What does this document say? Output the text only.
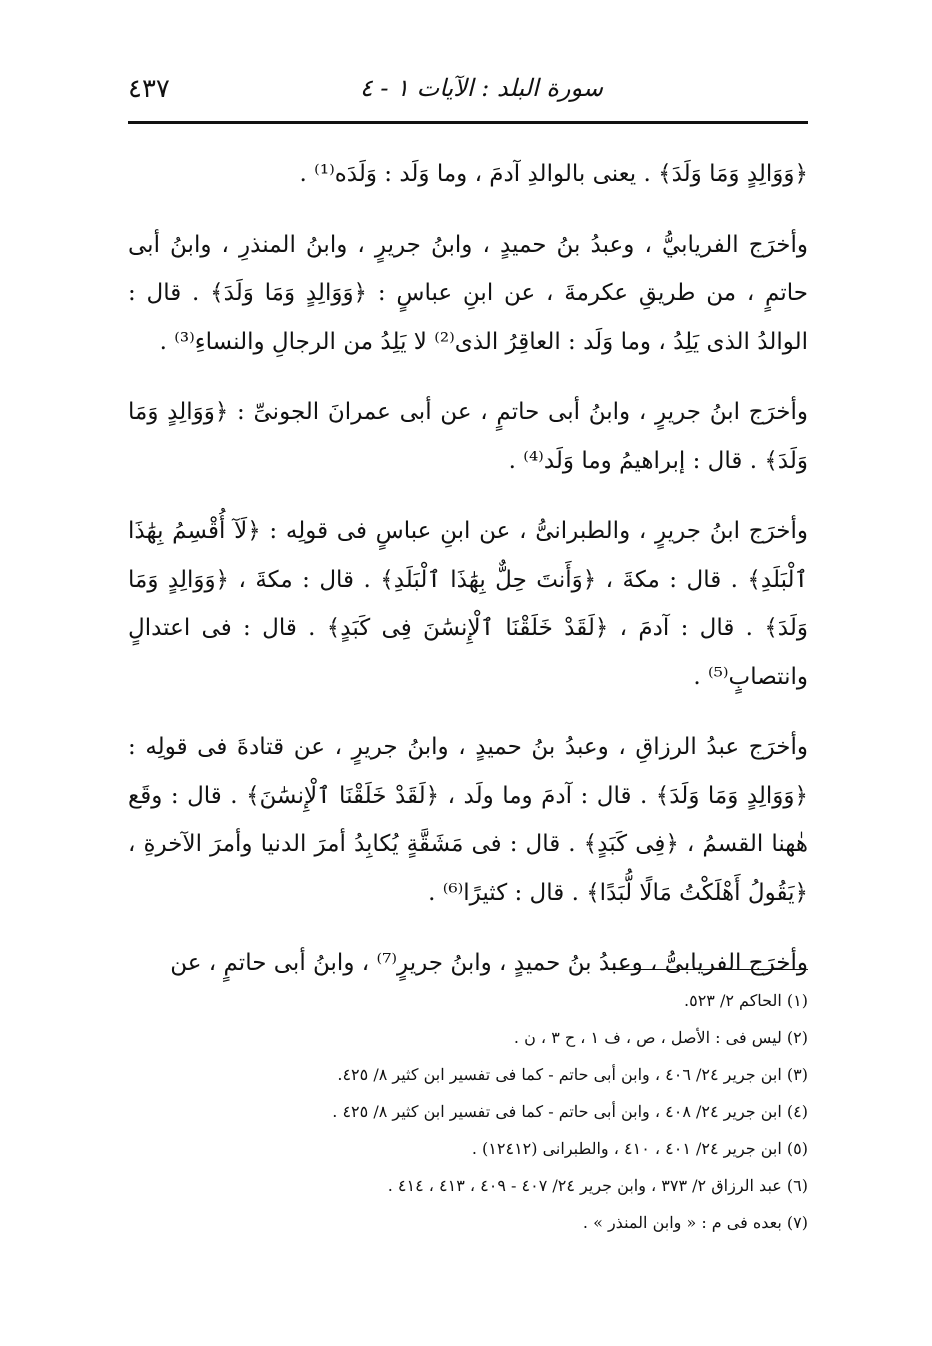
سورة البلد : الآيات ١ - ٤
٤٣٧

﴿وَوَالِدٍ وَمَا وَلَدَ﴾ . يعنى بالوالدِ آدمَ ، وما وَلَد : وَلَدَه⁽¹⁾ .

وأخرَج الفريابيُّ ، وعبدُ بنُ حميدٍ ، وابنُ جريرٍ ، وابنُ المنذرِ ، وابنُ أبى حاتمٍ ، من طريقِ عكرمةَ ، عن ابنِ عباسٍ : ﴿وَوَالِدٍ وَمَا وَلَدَ﴾ . قال : الوالدُ الذى يَلِدُ ، وما وَلَد : العاقِرُ الذى⁽²⁾ لا يَلِدُ من الرجالِ والنساءِ⁽³⁾ .

وأخرَج ابنُ جريرٍ ، وابنُ أبى حاتمٍ ، عن أبى عمرانَ الجونىِّ : ﴿وَوَالِدٍ وَمَا وَلَدَ﴾ . قال : إبراهيمُ وما وَلَد⁽⁴⁾ .

وأخرَج ابنُ جريرٍ ، والطبرانىُّ ، عن ابنِ عباسٍ فى قولِه : ﴿لَآ أُقْسِمُ بِهَٰذَا ٱلْبَلَدِ﴾ . قال : مكةَ ، ﴿وَأَنتَ حِلٌّ بِهَٰذَا ٱلْبَلَدِ﴾ . قال : مكةَ ، ﴿وَوَالِدٍ وَمَا وَلَدَ﴾ . قال : آدمَ ، ﴿لَقَدْ خَلَقْنَا ٱلْإِنسَٰنَ فِى كَبَدٍ﴾ . قال : فى اعتدالٍ وانتصابٍ⁽⁵⁾ .

وأخرَج عبدُ الرزاقِ ، وعبدُ بنُ حميدٍ ، وابنُ جريرٍ ، عن قتادةَ فى قولِه : ﴿وَوَالِدٍ وَمَا وَلَدَ﴾ . قال : آدمَ وما ولَد ، ﴿لَقَدْ خَلَقْنَا ٱلْإِنسَٰنَ﴾ . قال : وقَع هٰهنا القسمُ ، ﴿فِى كَبَدٍ﴾ . قال : فى مَشَقَّةٍ يُكابِدُ أمرَ الدنيا وأمرَ الآخرةِ ، ﴿يَقُولُ أَهْلَكْتُ مَالًا لُّبَدًا﴾ . قال : كثيرًا⁽⁶⁾ .

وأخرَج الفريابىُّ ، وعبدُ بنُ حميدٍ ، وابنُ جريرٍ⁽⁷⁾ ، وابنُ أبى حاتمٍ ، عن

(١) الحاكم ٢/ ٥٢٣.
(٢) ليس فى : الأصل ، ص ، ف ١ ، ح ٣ ، ن .
(٣) ابن جرير ٢٤/ ٤٠٦ ، وابن أبى حاتم - كما فى تفسير ابن كثير ٨/ ٤٢٥.
(٤) ابن جرير ٢٤/ ٤٠٨ ، وابن أبى حاتم - كما فى تفسير ابن كثير ٨/ ٤٢٥ .
(٥) ابن جرير ٢٤/ ٤٠١ ، ٤١٠ ، والطبرانى (١٢٤١٢) .
(٦) عبد الرزاق ٢/ ٣٧٣ ، وابن جرير ٢٤/ ٤٠٧ - ٤٠٩ ، ٤١٣ ، ٤١٤ .
(٧) بعده فى م : « وابن المنذر » .
